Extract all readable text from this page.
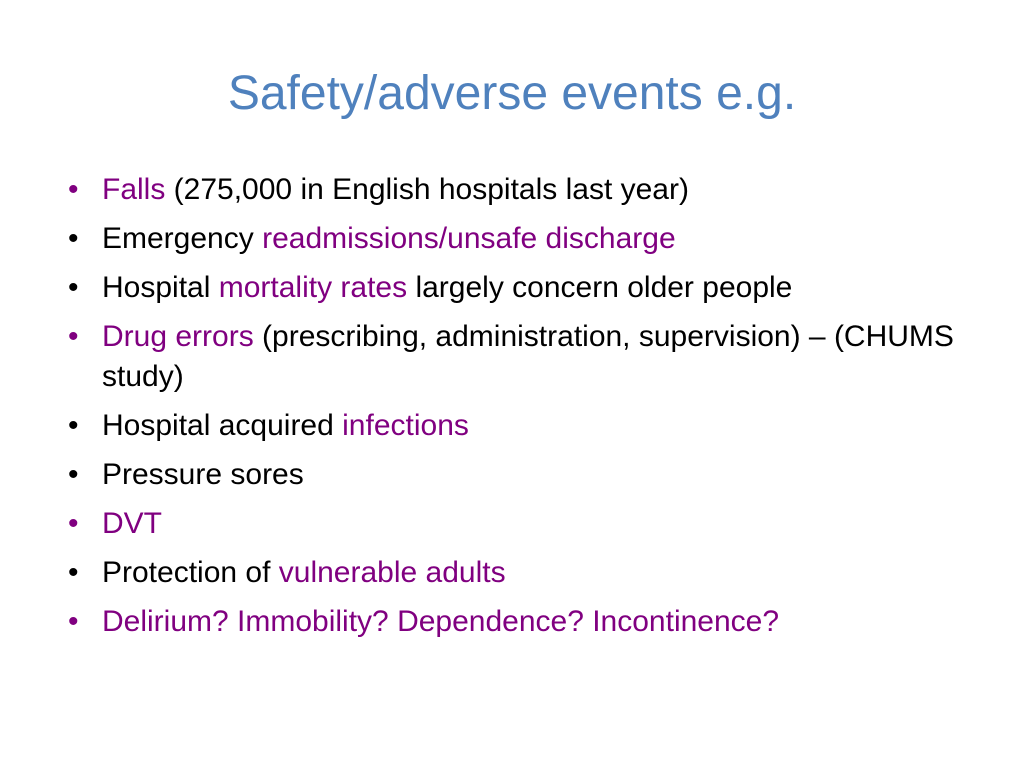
Safety/adverse events e.g.
• Falls (275,000 in English hospitals last year)
• Emergency readmissions/unsafe discharge
• Hospital mortality rates largely concern older people
• Drug errors (prescribing, administration, supervision) – (CHUMS study)
• Hospital acquired infections
• Pressure sores
• DVT
• Protection of vulnerable adults
• Delirium? Immobility? Dependence? Incontinence?
